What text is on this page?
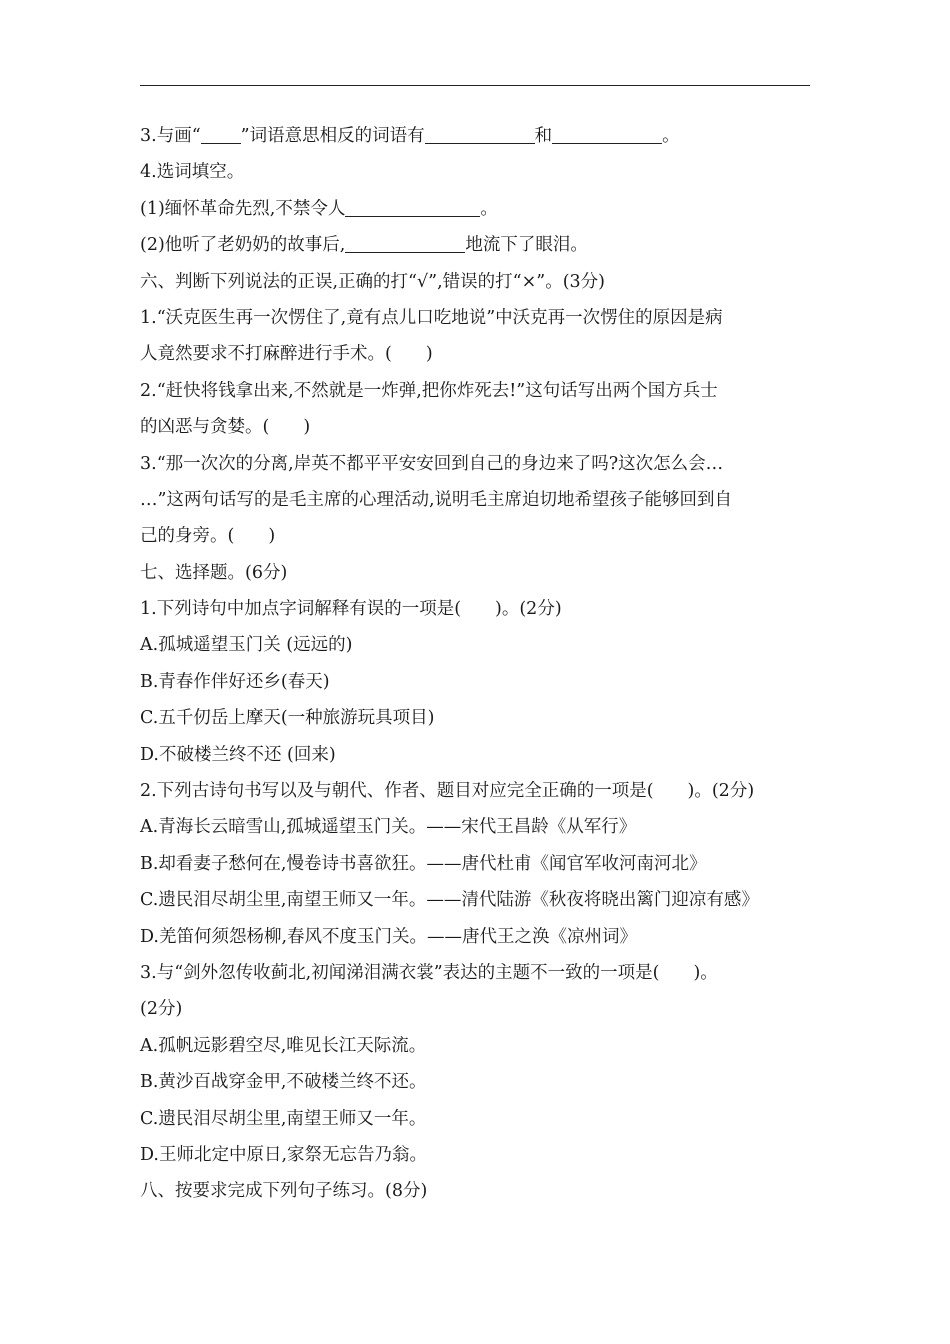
3.与画“ ”词语意思相反的词语有	和	。
4.选词填空。
(1)缅怀革命先烈,不禁令人	。
(2)他听了老奶奶的故事后,	地流下了眼泪。
六、判断下列说法的正误,正确的打“√”,错误的打“×”。(3分)
1.“沃克医生再一次愣住了,竟有点儿口吃地说”中沃克再一次愣住的原因是病
人竟然要求不打麻醉进行手术。( )
2.“赶快将钱拿出来,不然就是一炸弹,把你炸死去!”这句话写出两个国方兵士
的凶恶与贪婪。( )
3.“那一次次的分离,岸英不都平平安安回到自己的身边来了吗?这次怎么会…
…”这两句话写的是毛主席的心理活动,说明毛主席迫切地希望孩子能够回到自
己的身旁。( )
七、选择题。(6分)
1.下列诗句中加点字词解释有误的一项是( )。(2分)
A.孤城遥望玉门关 (远远的)
B.青春作伴好还乡(春天)
C.五千仞岳上摩天(一种旅游玩具项目)
D.不破楼兰终不还 (回来)
2.下列古诗句书写以及与朝代、作者、题目对应完全正确的一项是( )。(2分)
A.青海长云暗雪山,孤城遥望玉门关。——宋代王昌龄《从军行》
B.却看妻子愁何在,慢卷诗书喜欲狂。——唐代杜甫《闻官军收河南河北》
C.遗民泪尽胡尘里,南望王师又一年。——清代陆游《秋夜将晓出篱门迎凉有感》
D.羌笛何须怨杨柳,春风不度玉门关。——唐代王之涣《凉州词》
3.与“剑外忽传收蓟北,初闻涕泪满衣裳”表达的主题不一致的一项是( )。
(2分)
A.孤帆远影碧空尽,唯见长江天际流。
B.黄沙百战穿金甲,不破楼兰终不还。
C.遗民泪尽胡尘里,南望王师又一年。
D.王师北定中原日,家祭无忘告乃翁。
八、按要求完成下列句子练习。(8分)
